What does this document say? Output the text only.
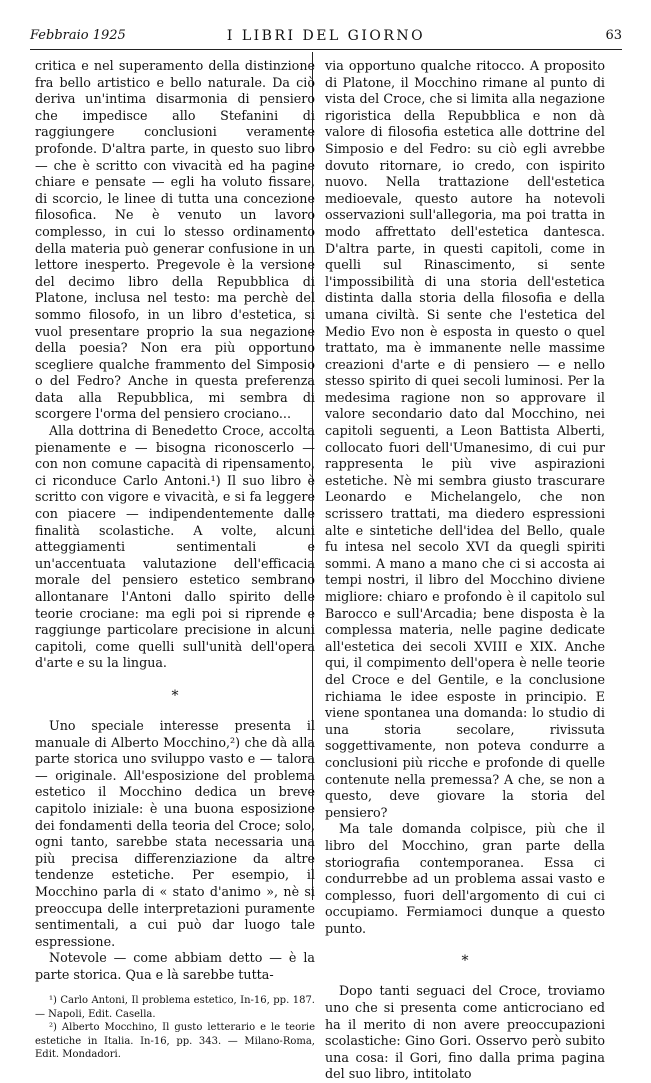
Febbraio 1925	I LIBRI DEL GIORNO	63

critica e nel superamento della distinzione fra bello artistico e bello naturale. Da ciò deriva un'intima disarmonia di pensiero che impedisce allo Stefanini di raggiungere conclusioni veramente profonde. D'altra parte, in questo suo libro — che è scritto con vivacità ed ha pagine chiare e pensate — egli ha voluto fissare, di scorcio, le linee di tutta una concezione filosofica. Ne è venuto un lavoro complesso, in cui lo stesso ordinamento della materia può generar confusione in un lettore inesperto. Pregevole è la versione del decimo libro della Repubblica di Platone, inclusa nel testo: ma perchè del sommo filosofo, in un libro d'estetica, si vuol presentare proprio la sua negazione della poesia? Non era più opportuno scegliere qualche frammento del Simposio o del Fedro? Anche in questa preferenza data alla Repubblica, mi sembra di scorgere l'orma del pensiero crociano...

Alla dottrina di Benedetto Croce, accolta pienamente e — bisogna riconoscerlo — con non comune capacità di ripensamento, ci riconduce Carlo Antoni.¹) Il suo libro è scritto con vigore e vivacità, e si fa leggere con piacere — indipendentemente dalle finalità scolastiche. A volte, alcuni atteggiamenti sentimentali e un'accentuata valutazione dell'efficacia morale del pensiero estetico sembrano allontanare l'Antoni dallo spirito delle teorie crociane: ma egli poi si riprende e raggiunge particolare precisione in alcuni capitoli, come quelli sull'unità dell'opera d'arte e su la lingua.

*

Uno speciale interesse presenta il manuale di Alberto Mocchino,²) che dà alla parte storica uno sviluppo vasto e — talora — originale. All'esposizione del problema estetico il Mocchino dedica un breve capitolo iniziale: è una buona esposizione dei fondamenti della teoria del Croce; solo, ogni tanto, sarebbe stata necessaria una più precisa differenziazione da altre tendenze estetiche. Per esempio, il Mocchino parla di « stato d'animo », nè si preoccupa delle interpretazioni puramente sentimentali, a cui può dar luogo tale espressione.

Notevole — come abbiam detto — è la parte storica. Qua e là sarebbe tutta-

¹) Carlo Antoni, Il problema estetico, In-16, pp. 187. — Napoli, Edit. Casella.

²) Alberto Mocchino, Il gusto letterario e le teorie estetiche in Italia. In-16, pp. 343. — Milano-Roma, Edit. Mondadori.

via opportuno qualche ritocco. A proposito di Platone, il Mocchino rimane al punto di vista del Croce, che si limita alla negazione rigoristica della Repubblica e non dà valore di filosofia estetica alle dottrine del Simposio e del Fedro: su ciò egli avrebbe dovuto ritornare, io credo, con ispirito nuovo. Nella trattazione dell'estetica medioevale, questo autore ha notevoli osservazioni sull'allegoria, ma poi tratta in modo affrettato dell'estetica dantesca. D'altra parte, in questi capitoli, come in quelli sul Rinascimento, si sente l'impossibilità di una storia dell'estetica distinta dalla storia della filosofia e della umana civiltà. Si sente che l'estetica del Medio Evo non è esposta in questo o quel trattato, ma è immanente nelle massime creazioni d'arte e di pensiero — e nello stesso spirito di quei secoli luminosi. Per la medesima ragione non so approvare il valore secondario dato dal Mocchino, nei capitoli seguenti, a Leon Battista Alberti, collocato fuori dell'Umanesimo, di cui pur rappresenta le più vive aspirazioni estetiche. Nè mi sembra giusto trascurare Leonardo e Michelangelo, che non scrissero trattati, ma diedero espressioni alte e sintetiche dell'idea del Bello, quale fu intesa nel secolo XVI da quegli spiriti sommi. A mano a mano che ci si accosta ai tempi nostri, il libro del Mocchino diviene migliore: chiaro e profondo è il capitolo sul Barocco e sull'Arcadia; bene disposta è la complessa materia, nelle pagine dedicate all'estetica dei secoli XVIII e XIX. Anche qui, il compimento dell'opera è nelle teorie del Croce e del Gentile, e la conclusione richiama le idee esposte in principio. E viene spontanea una domanda: lo studio di una storia secolare, rivissuta soggettivamente, non poteva condurre a conclusioni più ricche e profonde di quelle contenute nella premessa? A che, se non a questo, deve giovare la storia del pensiero?

Ma tale domanda colpisce, più che il libro del Mocchino, gran parte della storiografia contemporanea. Essa ci condurrebbe ad un problema assai vasto e complesso, fuori dell'argomento di cui ci occupiamo. Fermiamoci dunque a questo punto.

*

Dopo tanti seguaci del Croce, troviamo uno che si presenta come anticrociano ed ha il merito di non avere preoccupazioni scolastiche: Gino Gori. Osservo però subito una cosa: il Gori, fino dalla prima pagina del suo libro, intitolato
